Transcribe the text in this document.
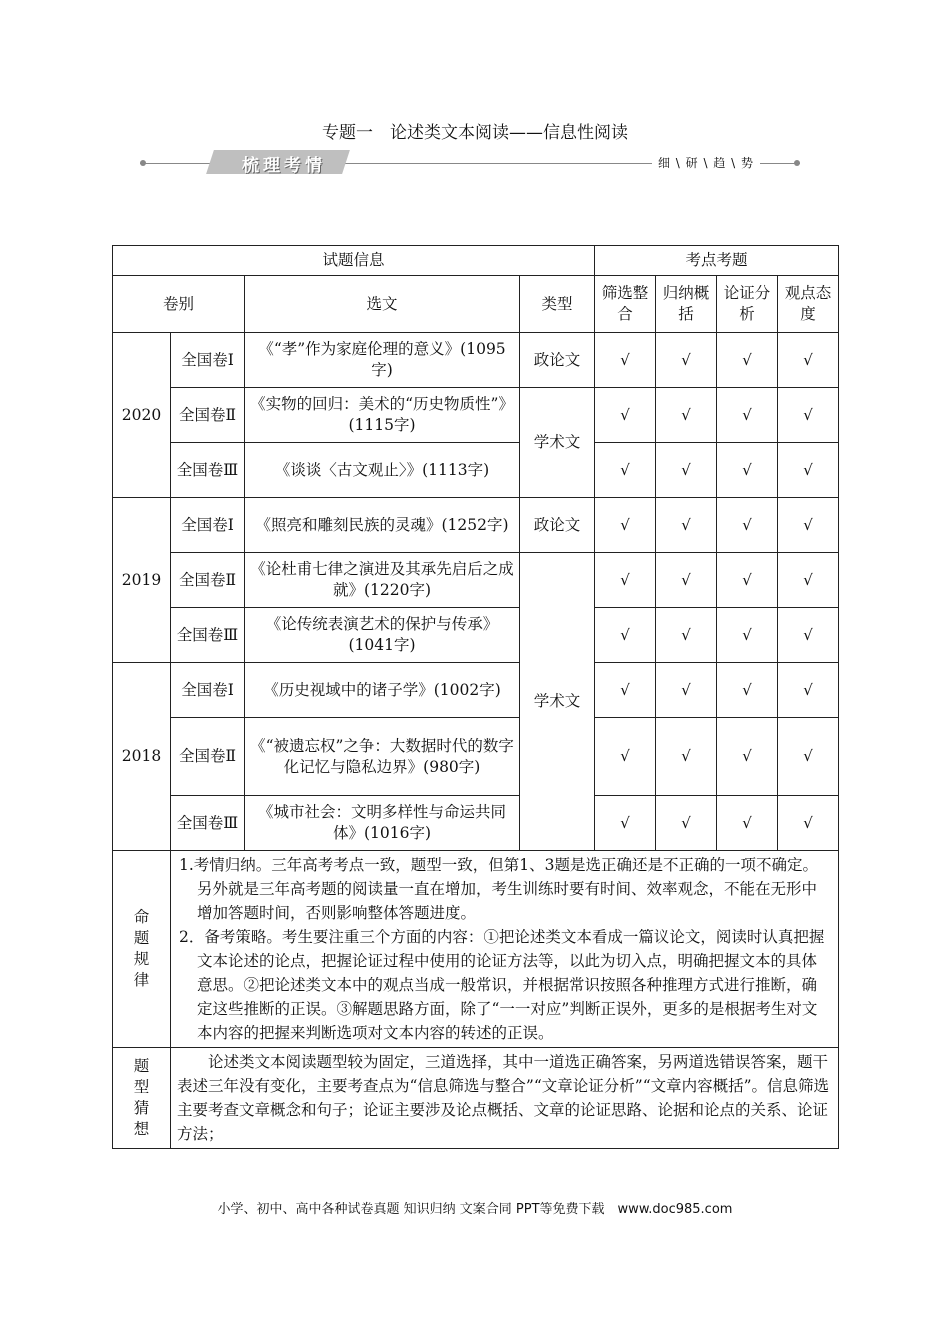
专题一　论述类文本阅读——信息性阅读
梳理考情	细 \ 研 \ 趋 \ 势
试题信息				考点考题			
卷别		选文	类型	筛选整合	归纳概括	论证分析	观点态度
2020	全国卷Ⅰ	《“孝”作为家庭伦理的意义》(1095字)	政论文	√	√	√	√
	全国卷Ⅱ	《实物的回归：美术的“历史物质性”》(1115字)	学术文	√	√	√	√
	全国卷Ⅲ	《谈谈〈古文观止〉》(1113字)		√	√	√	√
2019	全国卷Ⅰ	《照亮和雕刻民族的灵魂》(1252字)	政论文	√	√	√	√
	全国卷Ⅱ	《论杜甫七律之演进及其承先启后之成就》(1220字)	学术文	√	√	√	√
	全国卷Ⅲ	《论传统表演艺术的保护与传承》(1041字)		√	√	√	√
2018	全国卷Ⅰ	《历史视域中的诸子学》(1002字)		√	√	√	√
	全国卷Ⅱ	《“被遗忘权”之争：大数据时代的数字化记忆与隐私边界》(980字)		√	√	√	√
	全国卷Ⅲ	《城市社会：文明多样性与命运共同体》(1016字)		√	√	√	√
命题规律	1.考情归纳。三年高考考点一致，题型一致，但第1、3题是选正确还是不正确的一项不确定。另外就是三年高考题的阅读量一直在增加，考生训练时要有时间、效率观念，不能在无形中增加答题时间，否则影响整体答题进度。

2．备考策略。考生要注重三个方面的内容：①把论述类文本看成一篇议论文，阅读时认真把握文本论述的论点，把握论证过程中使用的论证方法等，以此为切入点，明确把握文本的具体意思。②把论述类文本中的观点当成一般常识，并根据常识按照各种推理方式进行推断，确定这些推断的正误。③解题思路方面，除了“一一对应”判断正误外，更多的是根据考生对文本内容的把握来判断选项对文本内容的转述的正误。						

题型猜想	论述类文本阅读题型较为固定，三道选择，其中一道选正确答案，另两道选错误答案，题干表述三年没有变化，主要考查点为“信息筛选与整合”“文章论证分析”“文章内容概括”。信息筛选主要考查文章概念和句子；论证主要涉及论点概括、文章的论证思路、论据和论点的关系、论证方法；						

小学、初中、高中各种试卷真题 知识归纳 文案合同 PPT等免费下载　www.doc985.com
